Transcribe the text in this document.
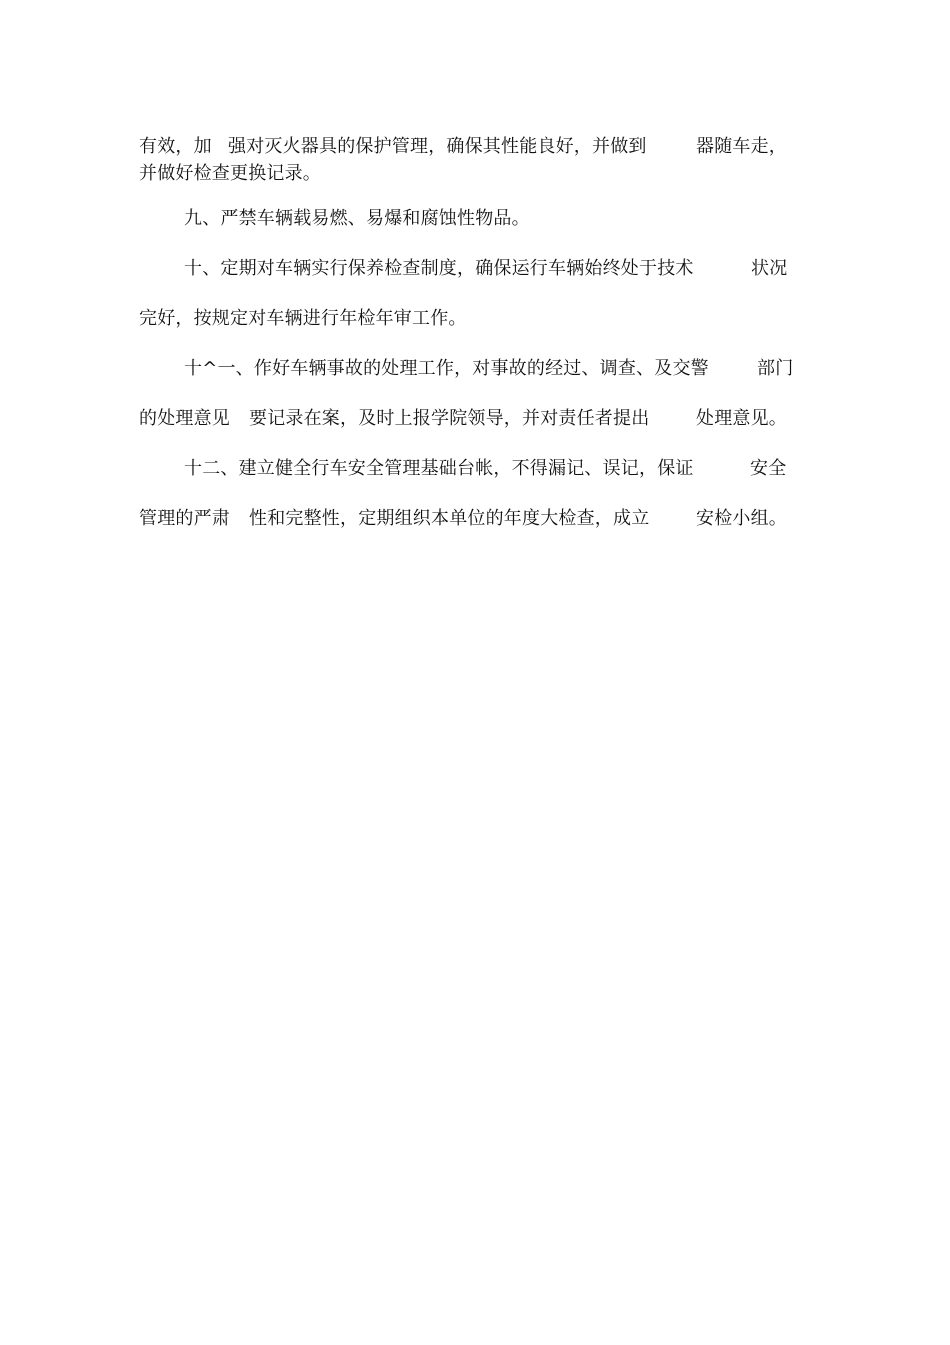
有效，加 强对灭火器具的保护管理，确保其性能良好，并做到	器随车走，
并做好检查更换记录。
九、严禁车辆载易燃、易爆和腐蚀性物品。
十、定期对车辆实行保养检查制度，确保运行车辆始终处于技术	状况
完好，按规定对车辆进行年检年审工作。
十^一、作好车辆事故的处理工作，对事故的经过、调查、及交警	部门
的处理意见 要记录在案，及时上报学院领导，并对责任者提出	处理意见。
十二、建立健全行车安全管理基础台帐，不得漏记、误记，保证	安全
管理的严肃 性和完整性，定期组织本单位的年度大检查，成立	安检小组。
